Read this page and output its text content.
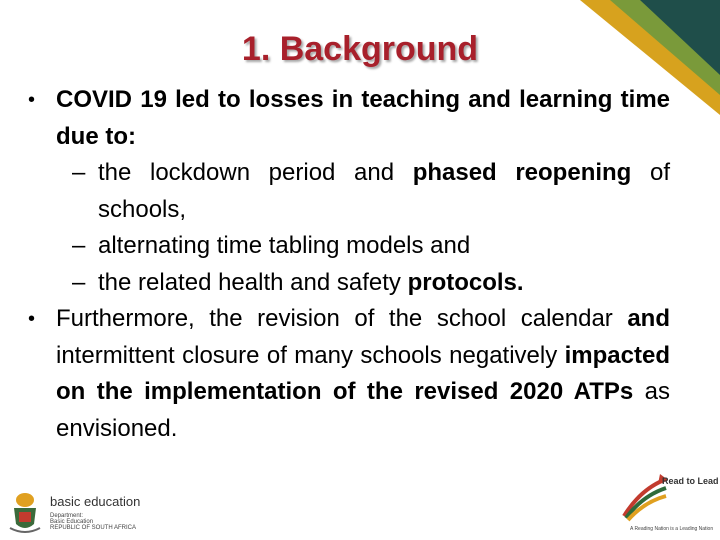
1. Background
• COVID 19 led to losses in teaching and learning time due to:
– the lockdown period and phased reopening of schools,
– alternating time tabling models and
– the related health and safety protocols.
• Furthermore, the revision of the school calendar and intermittent closure of many schools negatively impacted on the implementation of the revised 2020 ATPs as envisioned.
basic education
Department:
Basic Education
REPUBLIC OF SOUTH AFRICA
Read to Lead
A Reading Nation is a Leading Nation
